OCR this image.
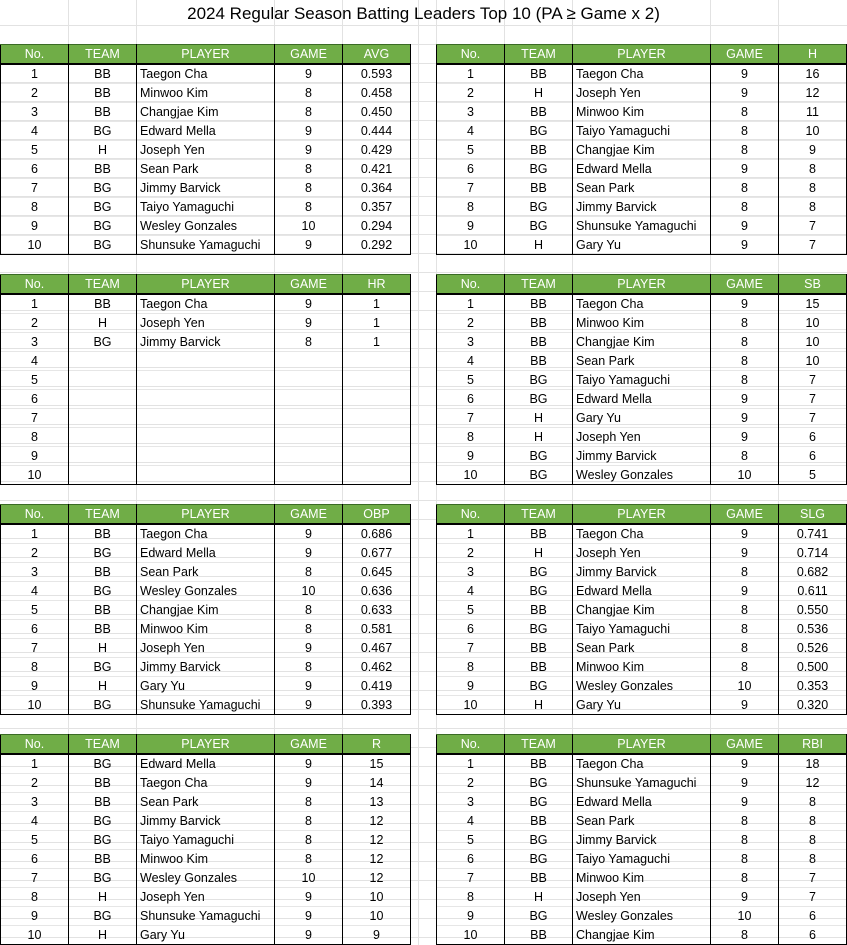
2024 Regular Season Batting Leaders Top 10 (PA ≥ Game x 2)
No.	TEAM	PLAYER	GAME	AVG
1	BB	Taegon Cha	9	0.593
2	BB	Minwoo Kim	8	0.458
3	BB	Changjae Kim	8	0.450
4	BG	Edward Mella	9	0.444
5	H	Joseph Yen	9	0.429
6	BB	Sean Park	8	0.421
7	BG	Jimmy Barvick	8	0.364
8	BG	Taiyo Yamaguchi	8	0.357
9	BG	Wesley Gonzales	10	0.294
10	BG	Shunsuke Yamaguchi	9	0.292
No.	TEAM	PLAYER	GAME	H
1	BB	Taegon Cha	9	16
2	H	Joseph Yen	9	12
3	BB	Minwoo Kim	8	11
4	BG	Taiyo Yamaguchi	8	10
5	BB	Changjae Kim	8	9
6	BG	Edward Mella	9	8
7	BB	Sean Park	8	8
8	BG	Jimmy Barvick	8	8
9	BG	Shunsuke Yamaguchi	9	7
10	H	Gary Yu	9	7
No.	TEAM	PLAYER	GAME	HR
1	BB	Taegon Cha	9	1
2	H	Joseph Yen	9	1
3	BG	Jimmy Barvick	8	1
4				
5				
6				
7				
8				
9				
10				
No.	TEAM	PLAYER	GAME	SB
1	BB	Taegon Cha	9	15
2	BB	Minwoo Kim	8	10
3	BB	Changjae Kim	8	10
4	BB	Sean Park	8	10
5	BG	Taiyo Yamaguchi	8	7
6	BG	Edward Mella	9	7
7	H	Gary Yu	9	7
8	H	Joseph Yen	9	6
9	BG	Jimmy Barvick	8	6
10	BG	Wesley Gonzales	10	5
No.	TEAM	PLAYER	GAME	OBP
1	BB	Taegon Cha	9	0.686
2	BG	Edward Mella	9	0.677
3	BB	Sean Park	8	0.645
4	BG	Wesley Gonzales	10	0.636
5	BB	Changjae Kim	8	0.633
6	BB	Minwoo Kim	8	0.581
7	H	Joseph Yen	9	0.467
8	BG	Jimmy Barvick	8	0.462
9	H	Gary Yu	9	0.419
10	BG	Shunsuke Yamaguchi	9	0.393
No.	TEAM	PLAYER	GAME	SLG
1	BB	Taegon Cha	9	0.741
2	H	Joseph Yen	9	0.714
3	BG	Jimmy Barvick	8	0.682
4	BG	Edward Mella	9	0.611
5	BB	Changjae Kim	8	0.550
6	BG	Taiyo Yamaguchi	8	0.536
7	BB	Sean Park	8	0.526
8	BB	Minwoo Kim	8	0.500
9	BG	Wesley Gonzales	10	0.353
10	H	Gary Yu	9	0.320
No.	TEAM	PLAYER	GAME	R
1	BG	Edward Mella	9	15
2	BB	Taegon Cha	9	14
3	BB	Sean Park	8	13
4	BG	Jimmy Barvick	8	12
5	BG	Taiyo Yamaguchi	8	12
6	BB	Minwoo Kim	8	12
7	BG	Wesley Gonzales	10	12
8	H	Joseph Yen	9	10
9	BG	Shunsuke Yamaguchi	9	10
10	H	Gary Yu	9	9
No.	TEAM	PLAYER	GAME	RBI
1	BB	Taegon Cha	9	18
2	BG	Shunsuke Yamaguchi	9	12
3	BG	Edward Mella	9	8
4	BB	Sean Park	8	8
5	BG	Jimmy Barvick	8	8
6	BG	Taiyo Yamaguchi	8	8
7	BB	Minwoo Kim	8	7
8	H	Joseph Yen	9	7
9	BG	Wesley Gonzales	10	6
10	BB	Changjae Kim	8	6
